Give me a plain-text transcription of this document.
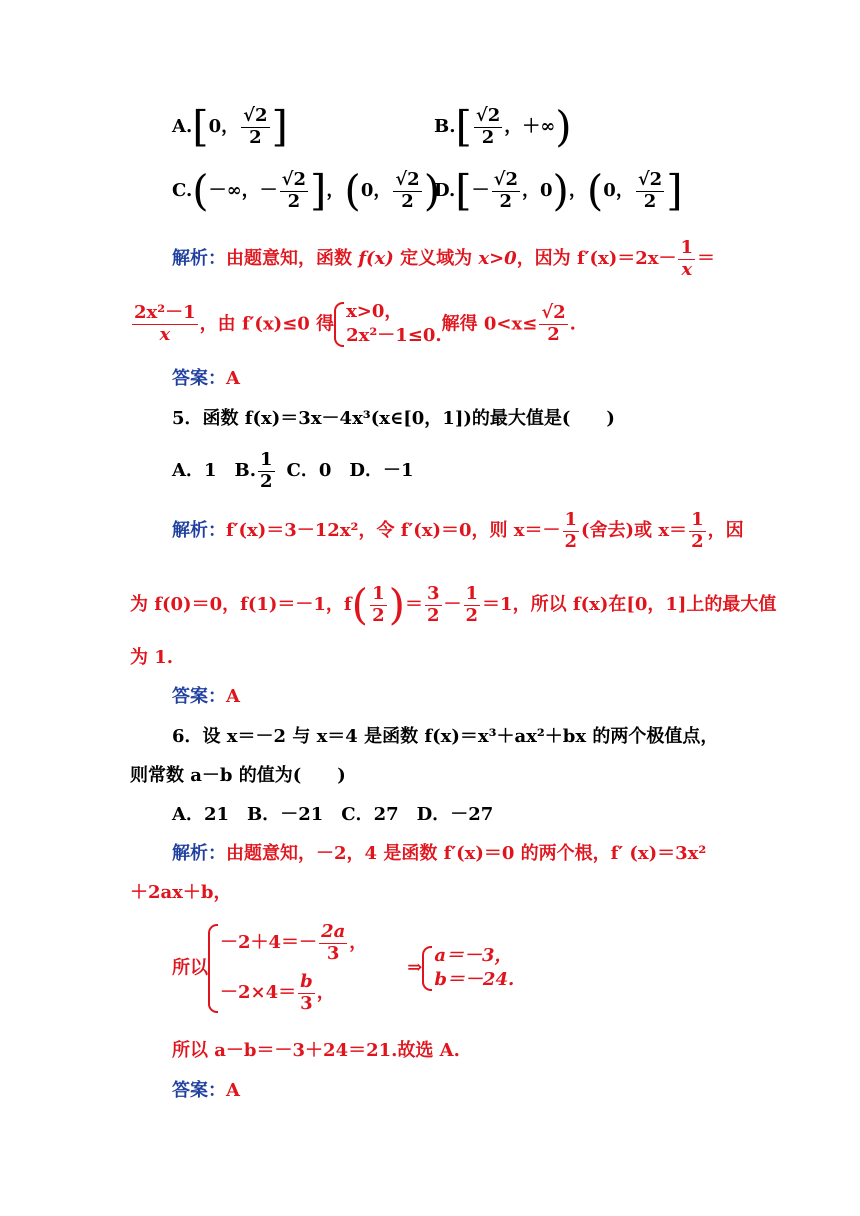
A.[0， $\frac{√2}{2}$ ]	$B.[ \frac{√2}{2}$ ，＋∞)
C.(－∞，－ $\frac{√2}{2}$ ]，(0， $\frac{√2}{2}$ )
$D.[- \frac{√2}{2}$ ，0)，(0， $\frac{√2}{2}$ ]
解析：由题意知，函数 f(x) 定义域为 x>0，因为 $f'(x)=2x- \frac{1}{x}$ ＝
$\frac{\text{2x²－1}}{x}$ ，由 f′(x)≤0 得
x>0，
2x²－1≤0.
解得 $0<x\le \frac{√2}{2}$ .
答案：A
5．函数 f(x)＝3x－4x³(x∈[0，1])的最大值是(　　)
A．1　B. $\frac{1}{2}$ C．0　D．－1
解析：f′(x)＝3－12x²，令 f′(x)＝0，则 $x=- \frac{1}{2}$ (舍去)或 $x= \frac{1}{2}$ ，因
为 f(0)＝0，f(1)＝－1，$f( \frac{1}{2}$ )＝ $\frac{3}{2} - \frac{1}{2} =1$，所以 f(x)在[0，1]上的最大值
为 1.
答案：A
6．设 x＝－2 与 x＝4 是函数 f(x)＝x³＋ax²＋bx 的两个极值点，
则常数 a－b 的值为(　　)
A．21　B．－21　C．27　D．－27
解析：由题意知，－2，4 是函数 f′(x)＝0 的两个根，f′ (x)＝3x²
＋2ax＋b，
所以
$-2+4=- \frac{2a}{3}$ ，
$-2\times 4= \frac{b}{3}$ ，
⇒
a＝－3，
b＝－24.
所以 a－b＝－3＋24＝21.故选 A.
答案：A
